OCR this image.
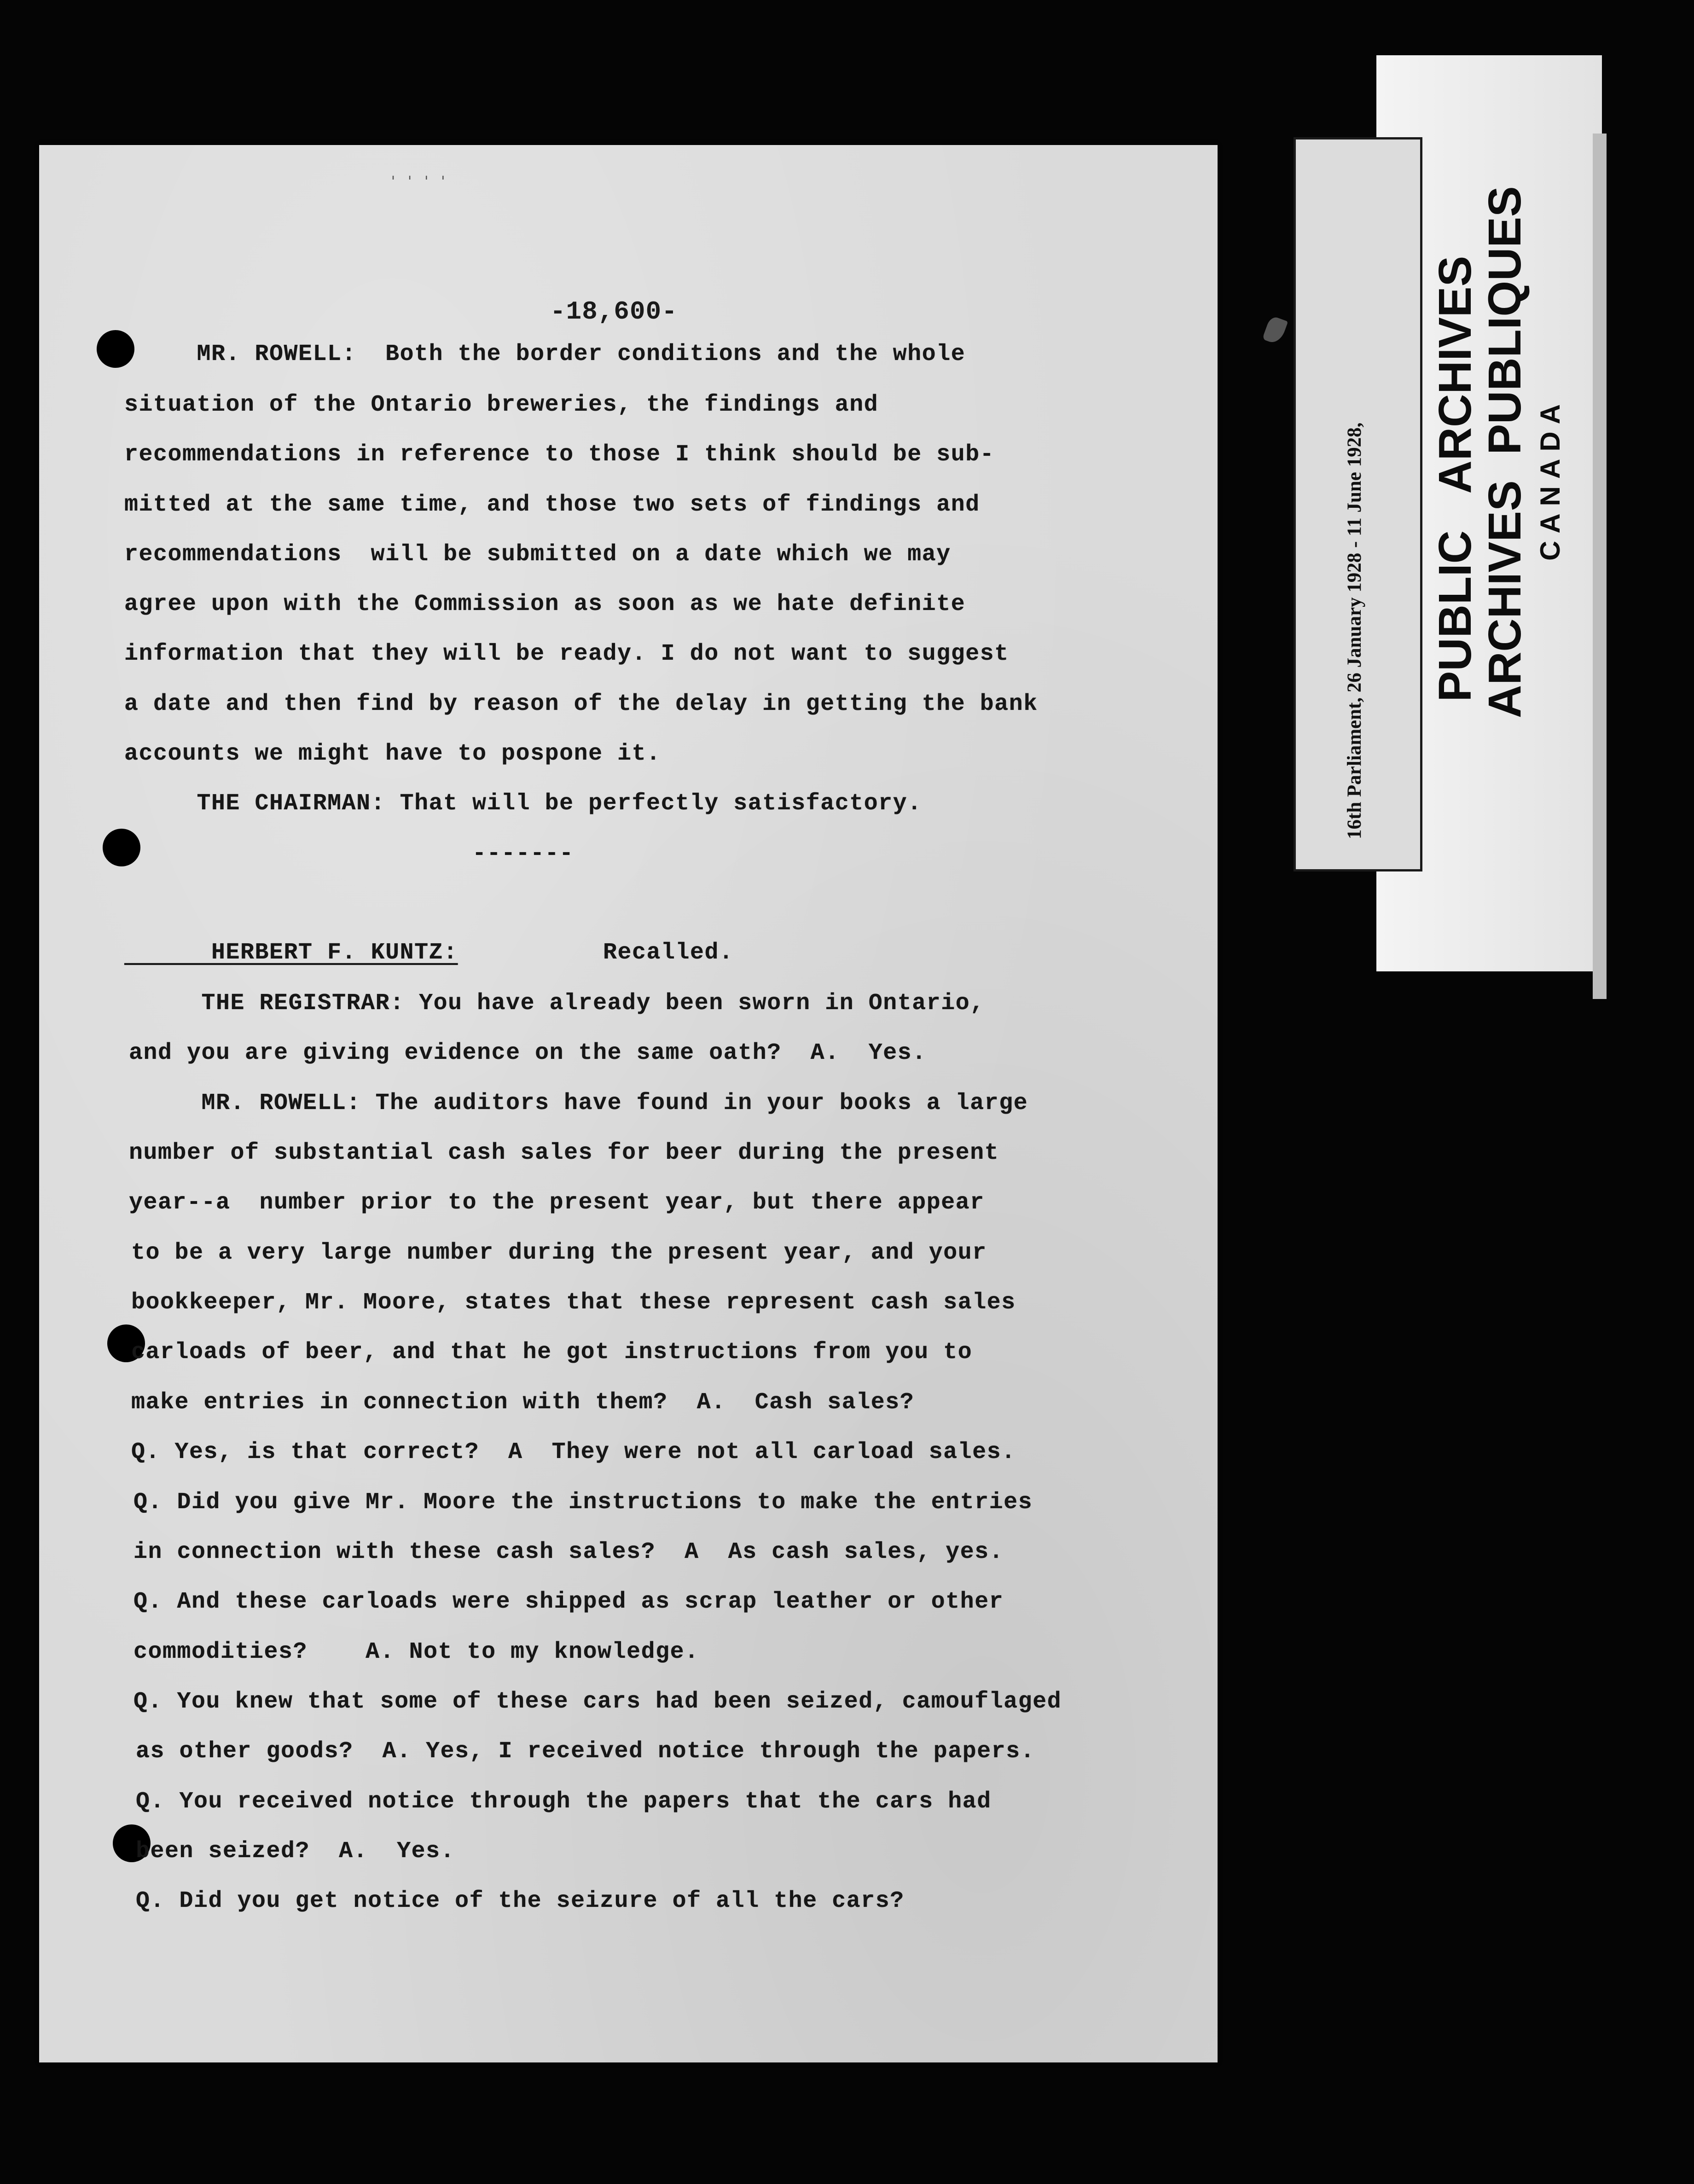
' ' ' '
-18,600-
MR. ROWELL:  Both the border conditions and the whole
situation of the Ontario breweries, the findings and
recommendations in reference to those I think should be sub-
mitted at the same time, and those two sets of findings and
recommendations  will be submitted on a date which we may
agree upon with the Commission as soon as we hate definite
information that they will be ready. I do not want to suggest
a date and then find by reason of the delay in getting the bank
accounts we might have to pospone it.
THE CHAIRMAN: That will be perfectly satisfactory.
-------
HERBERT F. KUNTZ:	Recalled.
THE REGISTRAR: You have already been sworn in Ontario,
and you are giving evidence on the same oath?  A.  Yes.
MR. ROWELL: The auditors have found in your books a large
number of substantial cash sales for beer during the present
year--a  number prior to the present year, but there appear
to be a very large number during the present year, and your
bookkeeper, Mr. Moore, states that these represent cash sales
carloads of beer, and that he got instructions from you to
make entries in connection with them?  A.  Cash sales?
Q. Yes, is that correct?  A  They were not all carload sales.
Q. Did you give Mr. Moore the instructions to make the entries
in connection with these cash sales?  A  As cash sales, yes.
Q. And these carloads were shipped as scrap leather or other
commodities?    A. Not to my knowledge.
Q. You knew that some of these cars had been seized, camouflaged
as other goods?  A. Yes, I received notice through the papers.
Q. You received notice through the papers that the cars had
been seized?  A.  Yes.
Q. Did you get notice of the seizure of all the cars?

16th Parliament, 26 January 1928 - 11 June 1928,

	No.     RG 14,  2, Volume 168.

PUBLIC   ARCHIVES
ARCHIVES  PUBLIQUES CANADA
